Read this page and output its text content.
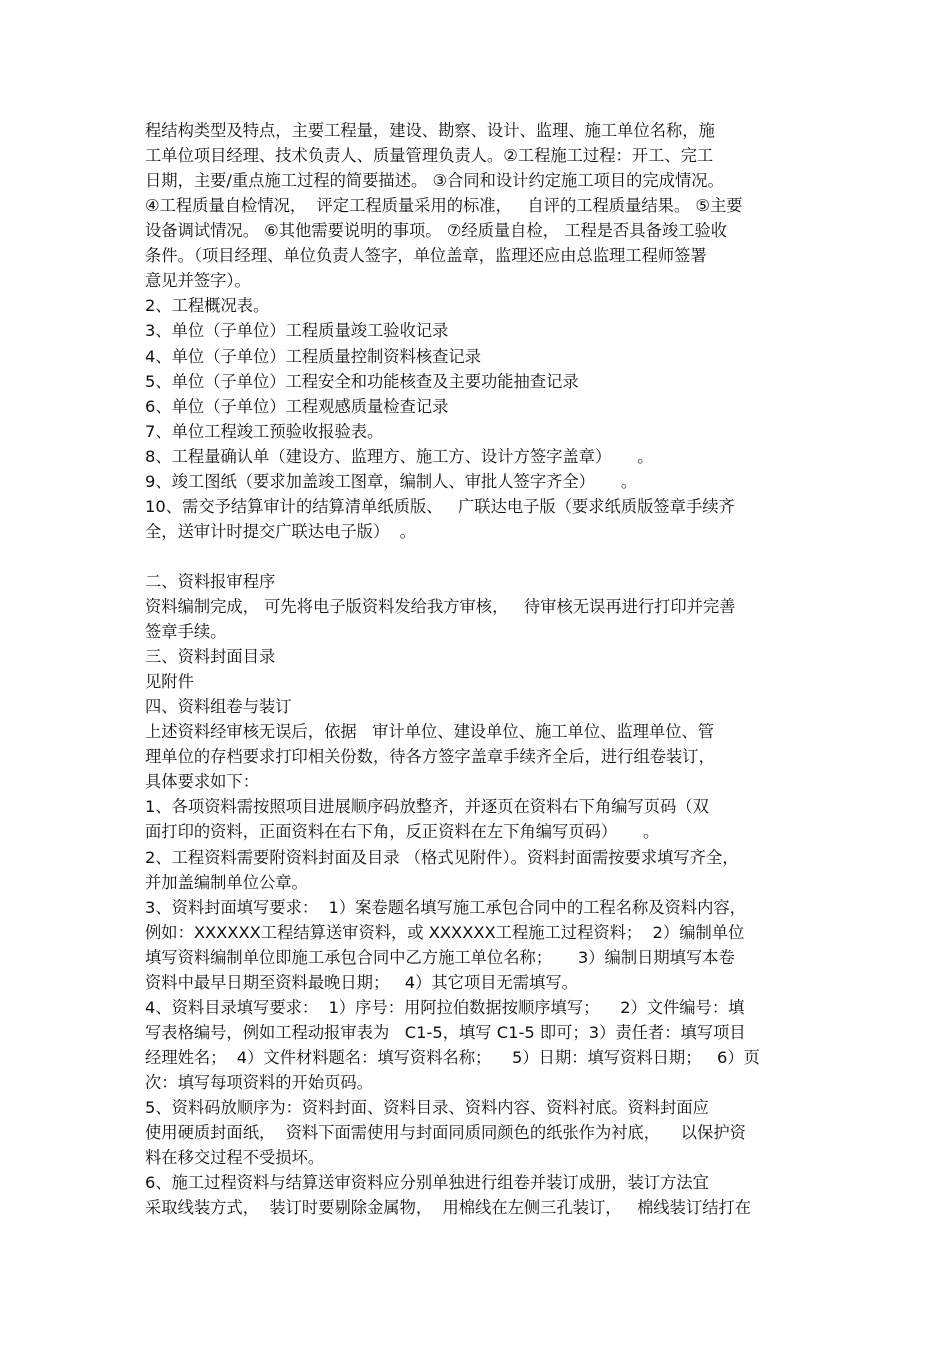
程结构类型及特点，主要工程量，建设、勘察、设计、监理、施工单位名称，施
工单位项目经理、技术负责人、质量管理负责人。②工程施工过程：开工、完工
日期，主要/重点施工过程的简要描述。 ③合同和设计约定施工项目的完成情况。
④工程质量自检情况，  评定工程质量采用的标准，   自评的工程质量结果。 ⑤主要
设备调试情况。 ⑥其他需要说明的事项。 ⑦经质量自检， 工程是否具备竣工验收
条件。（项目经理、单位负责人签字，单位盖章，监理还应由总监理工程师签署
意见并签字）。
2、工程概况表。
3、单位（子单位）工程质量竣工验收记录
4、单位（子单位）工程质量控制资料核查记录
5、单位（子单位）工程安全和功能核查及主要功能抽查记录
6、单位（子单位）工程观感质量检查记录
7、单位工程竣工预验收报验表。
8、工程量确认单（建设方、监理方、施工方、设计方签字盖章）     。
9、竣工图纸（要求加盖竣工图章，编制人、审批人签字齐全）     。
10、需交予结算审计的结算清单纸质版、   广联达电子版（要求纸质版签章手续齐
全，送审计时提交广联达电子版）  。
二、资料报审程序
资料编制完成， 可先将电子版资料发给我方审核，   待审核无误再进行打印并完善
签章手续。
三、资料封面目录
见附件
四、资料组卷与装订
上述资料经审核无误后，依据   审计单位、建设单位、施工单位、监理单位、管
理单位的存档要求打印相关份数，待各方签字盖章手续齐全后，进行组卷装订，
具体要求如下：
1、各项资料需按照项目进展顺序码放整齐，并逐页在资料右下角编写页码（双
面打印的资料，正面资料在右下角，反正资料在左下角编写页码）     。
2、工程资料需要附资料封面及目录 （格式见附件）。资料封面需按要求填写齐全，
并加盖编制单位公章。
3、资料封面填写要求：  1）案卷题名填写施工承包合同中的工程名称及资料内容，
例如：XXXXXX工程结算送审资料，或 XXXXXX工程施工过程资料；  2）编制单位
填写资料编制单位即施工承包合同中乙方施工单位名称；     3）编制日期填写本卷
资料中最早日期至资料最晚日期；   4）其它项目无需填写。
4、资料目录填写要求：  1）序号：用阿拉伯数据按顺序填写；    2）文件编号：填
写表格编号，例如工程动报审表为   C1-5，填写 C1-5 即可；3）责任者：填写项目
经理姓名；  4）文件材料题名：填写资料名称；    5）日期：填写资料日期；   6）页
次：填写每项资料的开始页码。
5、资料码放顺序为：资料封面、资料目录、资料内容、资料衬底。资料封面应
使用硬质封面纸，  资料下面需使用与封面同质同颜色的纸张作为衬底，    以保护资
料在移交过程不受损坏。
6、施工过程资料与结算送审资料应分别单独进行组卷并装订成册，装订方法宜
采取线装方式，  装订时要剔除金属物，  用棉线在左侧三孔装订，   棉线装订结打在
